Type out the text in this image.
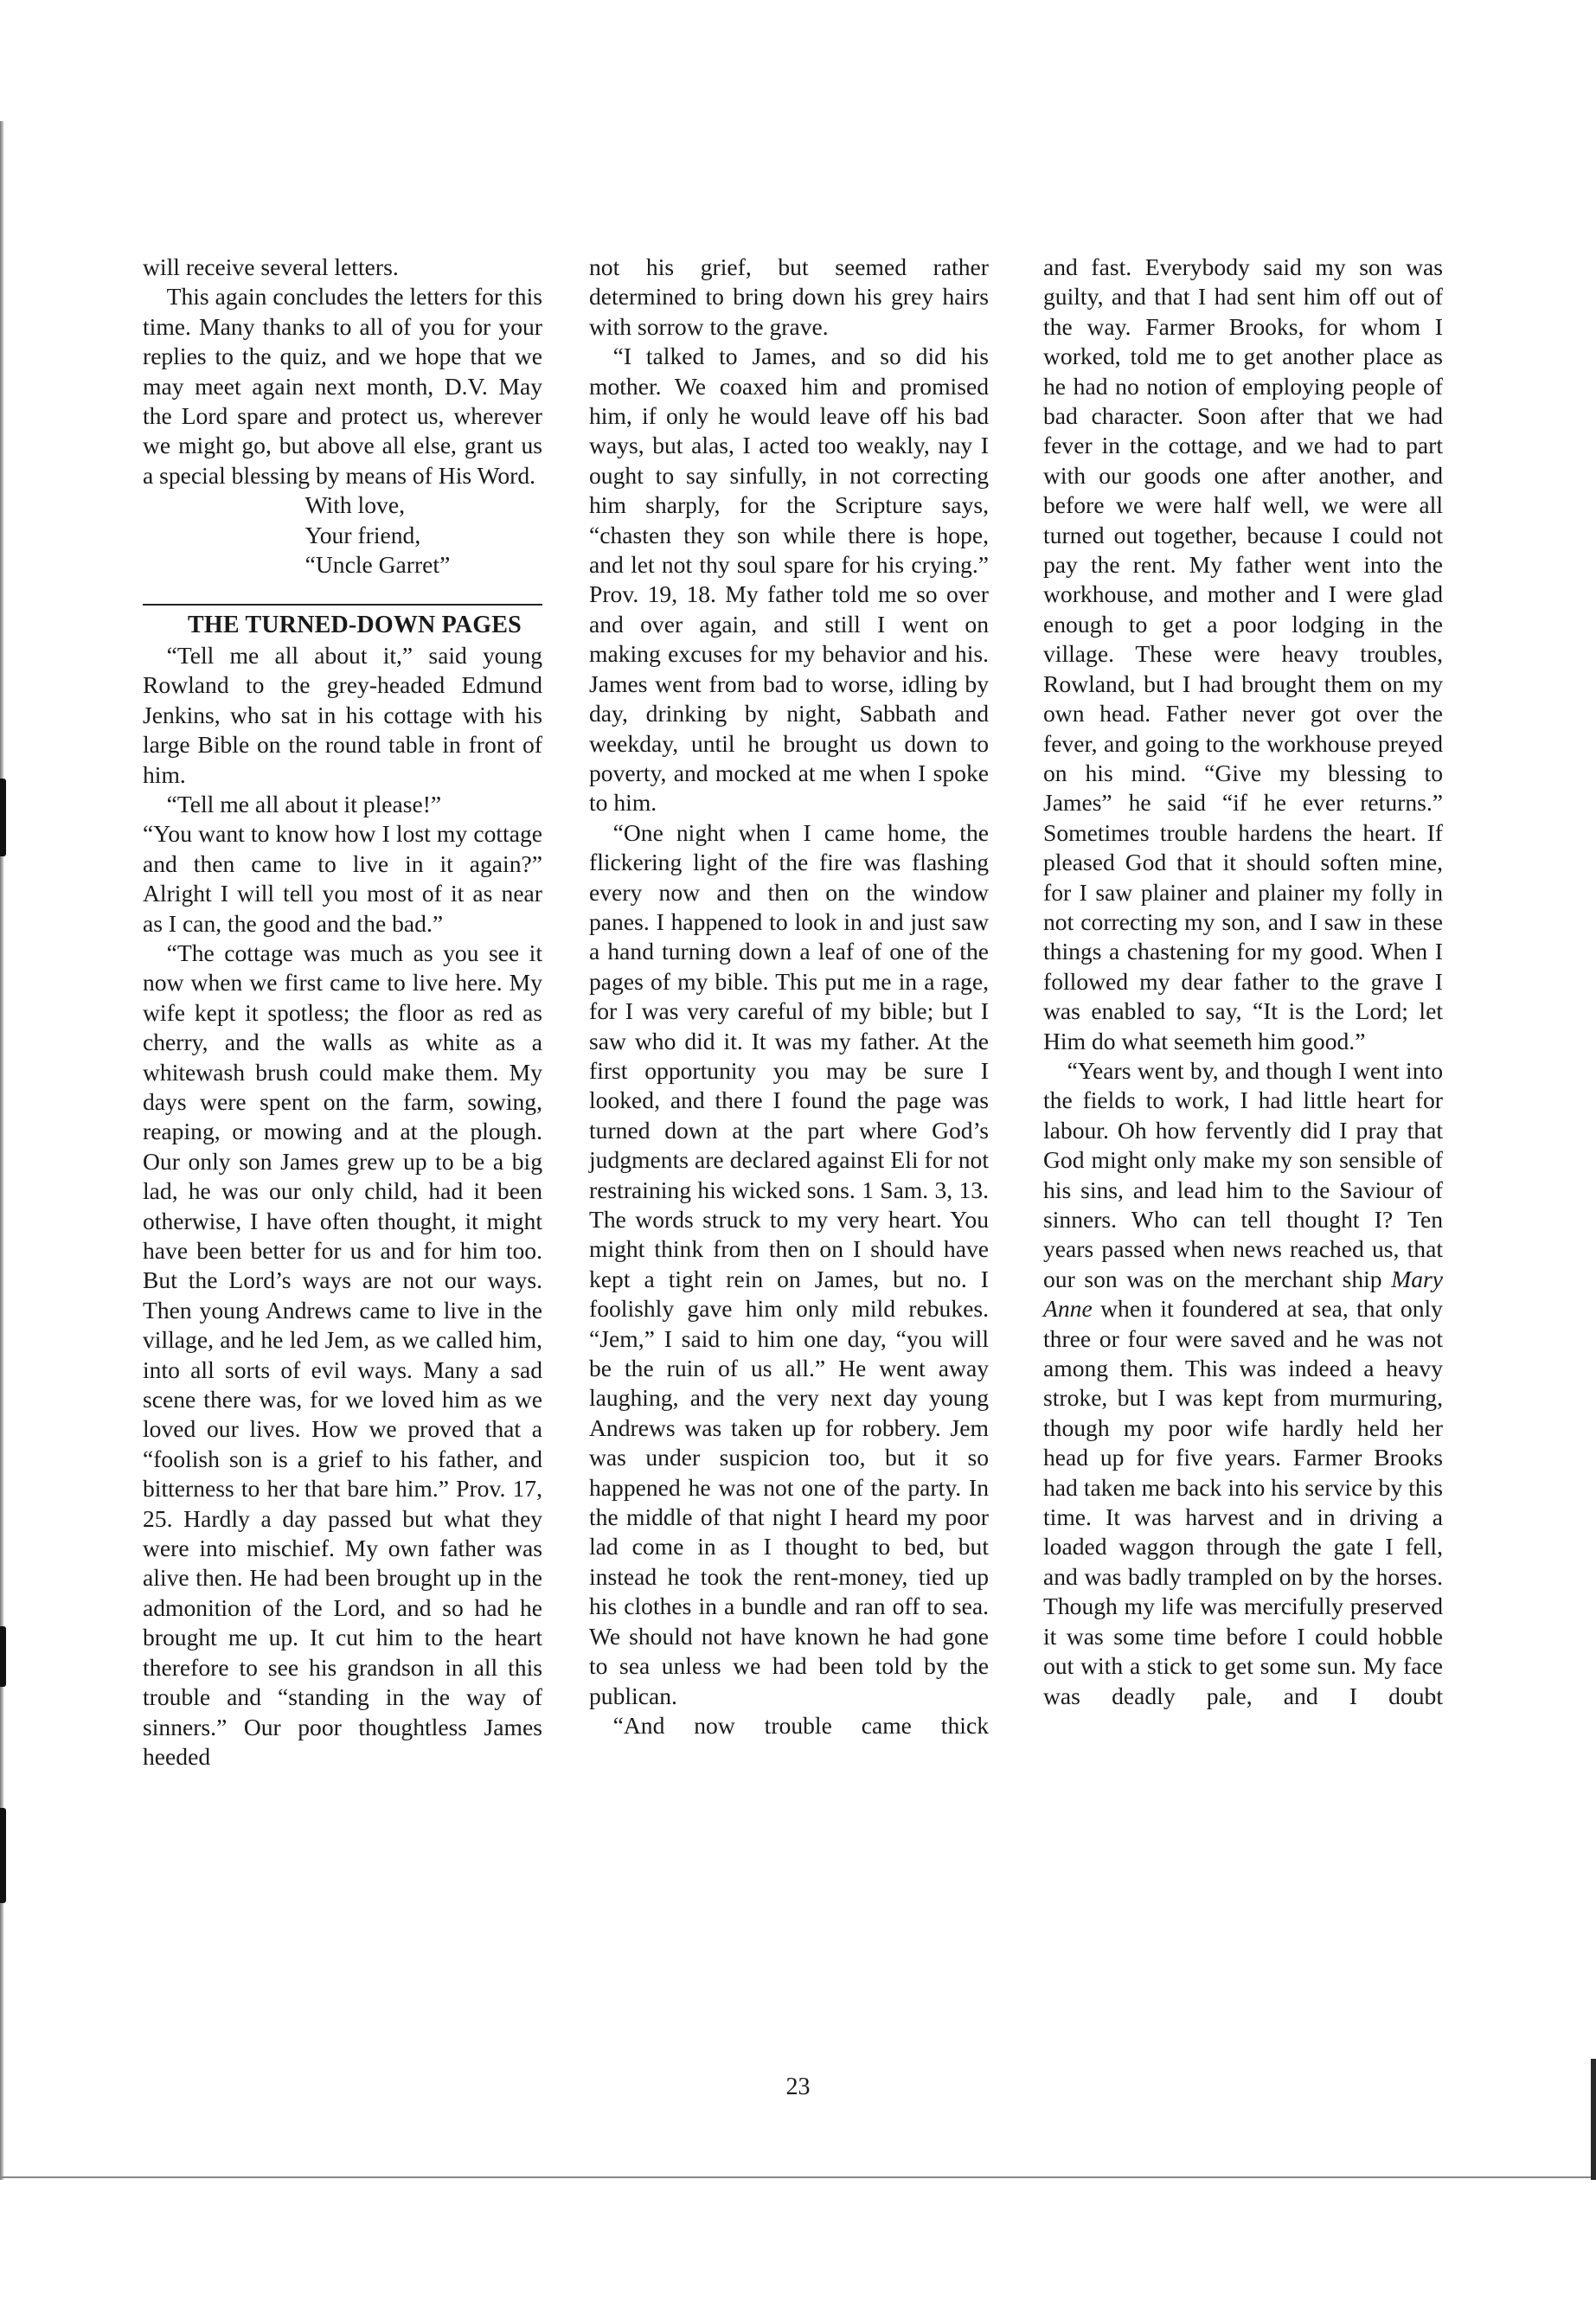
will receive several letters.

This again concludes the letters for this time. Many thanks to all of you for your replies to the quiz, and we hope that we may meet again next month, D.V. May the Lord spare and protect us, wherever we might go, but above all else, grant us a special blessing by means of His Word.

With love,

Your friend,

“Uncle Garret”

THE TURNED-DOWN PAGES

“Tell me all about it,” said young Rowland to the grey-headed Edmund Jenkins, who sat in his cottage with his large Bible on the round table in front of him.

“Tell me all about it please!”

“You want to know how I lost my cottage and then came to live in it again?” Alright I will tell you most of it as near as I can, the good and the bad.”

“The cottage was much as you see it now when we first came to live here. My wife kept it spotless; the floor as red as cherry, and the walls as white as a whitewash brush could make them. My days were spent on the farm, sowing, reaping, or mowing and at the plough. Our only son James grew up to be a big lad, he was our only child, had it been otherwise, I have often thought, it might have been better for us and for him too. But the Lord’s ways are not our ways. Then young Andrews came to live in the village, and he led Jem, as we called him, into all sorts of evil ways. Many a sad scene there was, for we loved him as we loved our lives. How we proved that a “foolish son is a grief to his father, and bitterness to her that bare him.” Prov. 17, 25. Hardly a day passed but what they were into mischief. My own father was alive then. He had been brought up in the admonition of the Lord, and so had he brought me up. It cut him to the heart therefore to see his grandson in all this trouble and “standing in the way of sinners.” Our poor thoughtless James heeded

not his grief, but seemed rather determined to bring down his grey hairs with sorrow to the grave.

“I talked to James, and so did his mother. We coaxed him and promised him, if only he would leave off his bad ways, but alas, I acted too weakly, nay I ought to say sinfully, in not correcting him sharply, for the Scripture says, “chasten they son while there is hope, and let not thy soul spare for his crying.” Prov. 19, 18. My father told me so over and over again, and still I went on making excuses for my behavior and his. James went from bad to worse, idling by day, drinking by night, Sabbath and weekday, until he brought us down to poverty, and mocked at me when I spoke to him.

“One night when I came home, the flickering light of the fire was flashing every now and then on the window panes. I happened to look in and just saw a hand turning down a leaf of one of the pages of my bible. This put me in a rage, for I was very careful of my bible; but I saw who did it. It was my father. At the first opportunity you may be sure I looked, and there I found the page was turned down at the part where God’s judgments are declared against Eli for not restraining his wicked sons. 1 Sam. 3, 13. The words struck to my very heart. You might think from then on I should have kept a tight rein on James, but no. I foolishly gave him only mild rebukes. “Jem,” I said to him one day, “you will be the ruin of us all.” He went away laughing, and the very next day young Andrews was taken up for robbery. Jem was under suspicion too, but it so happened he was not one of the party. In the middle of that night I heard my poor lad come in as I thought to bed, but instead he took the rent-money, tied up his clothes in a bundle and ran off to sea. We should not have known he had gone to sea unless we had been told by the publican.

“And now trouble came thick

and fast. Everybody said my son was guilty, and that I had sent him off out of the way. Farmer Brooks, for whom I worked, told me to get another place as he had no notion of employing people of bad character. Soon after that we had fever in the cottage, and we had to part with our goods one after another, and before we were half well, we were all turned out together, because I could not pay the rent. My father went into the workhouse, and mother and I were glad enough to get a poor lodging in the village. These were heavy troubles, Rowland, but I had brought them on my own head. Father never got over the fever, and going to the workhouse preyed on his mind. “Give my blessing to James” he said “if he ever returns.” Sometimes trouble hardens the heart. If pleased God that it should soften mine, for I saw plainer and plainer my folly in not correcting my son, and I saw in these things a chastening for my good. When I followed my dear father to the grave I was enabled to say, “It is the Lord; let Him do what seemeth him good.”

“Years went by, and though I went into the fields to work, I had little heart for labour. Oh how fervently did I pray that God might only make my son sensible of his sins, and lead him to the Saviour of sinners. Who can tell thought I? Ten years passed when news reached us, that our son was on the merchant ship Mary Anne when it foundered at sea, that only three or four were saved and he was not among them. This was indeed a heavy stroke, but I was kept from murmuring, though my poor wife hardly held her head up for five years. Farmer Brooks had taken me back into his service by this time. It was harvest and in driving a loaded waggon through the gate I fell, and was badly trampled on by the horses. Though my life was mercifully preserved it was some time before I could hobble out with a stick to get some sun. My face was deadly pale, and I doubt

23
